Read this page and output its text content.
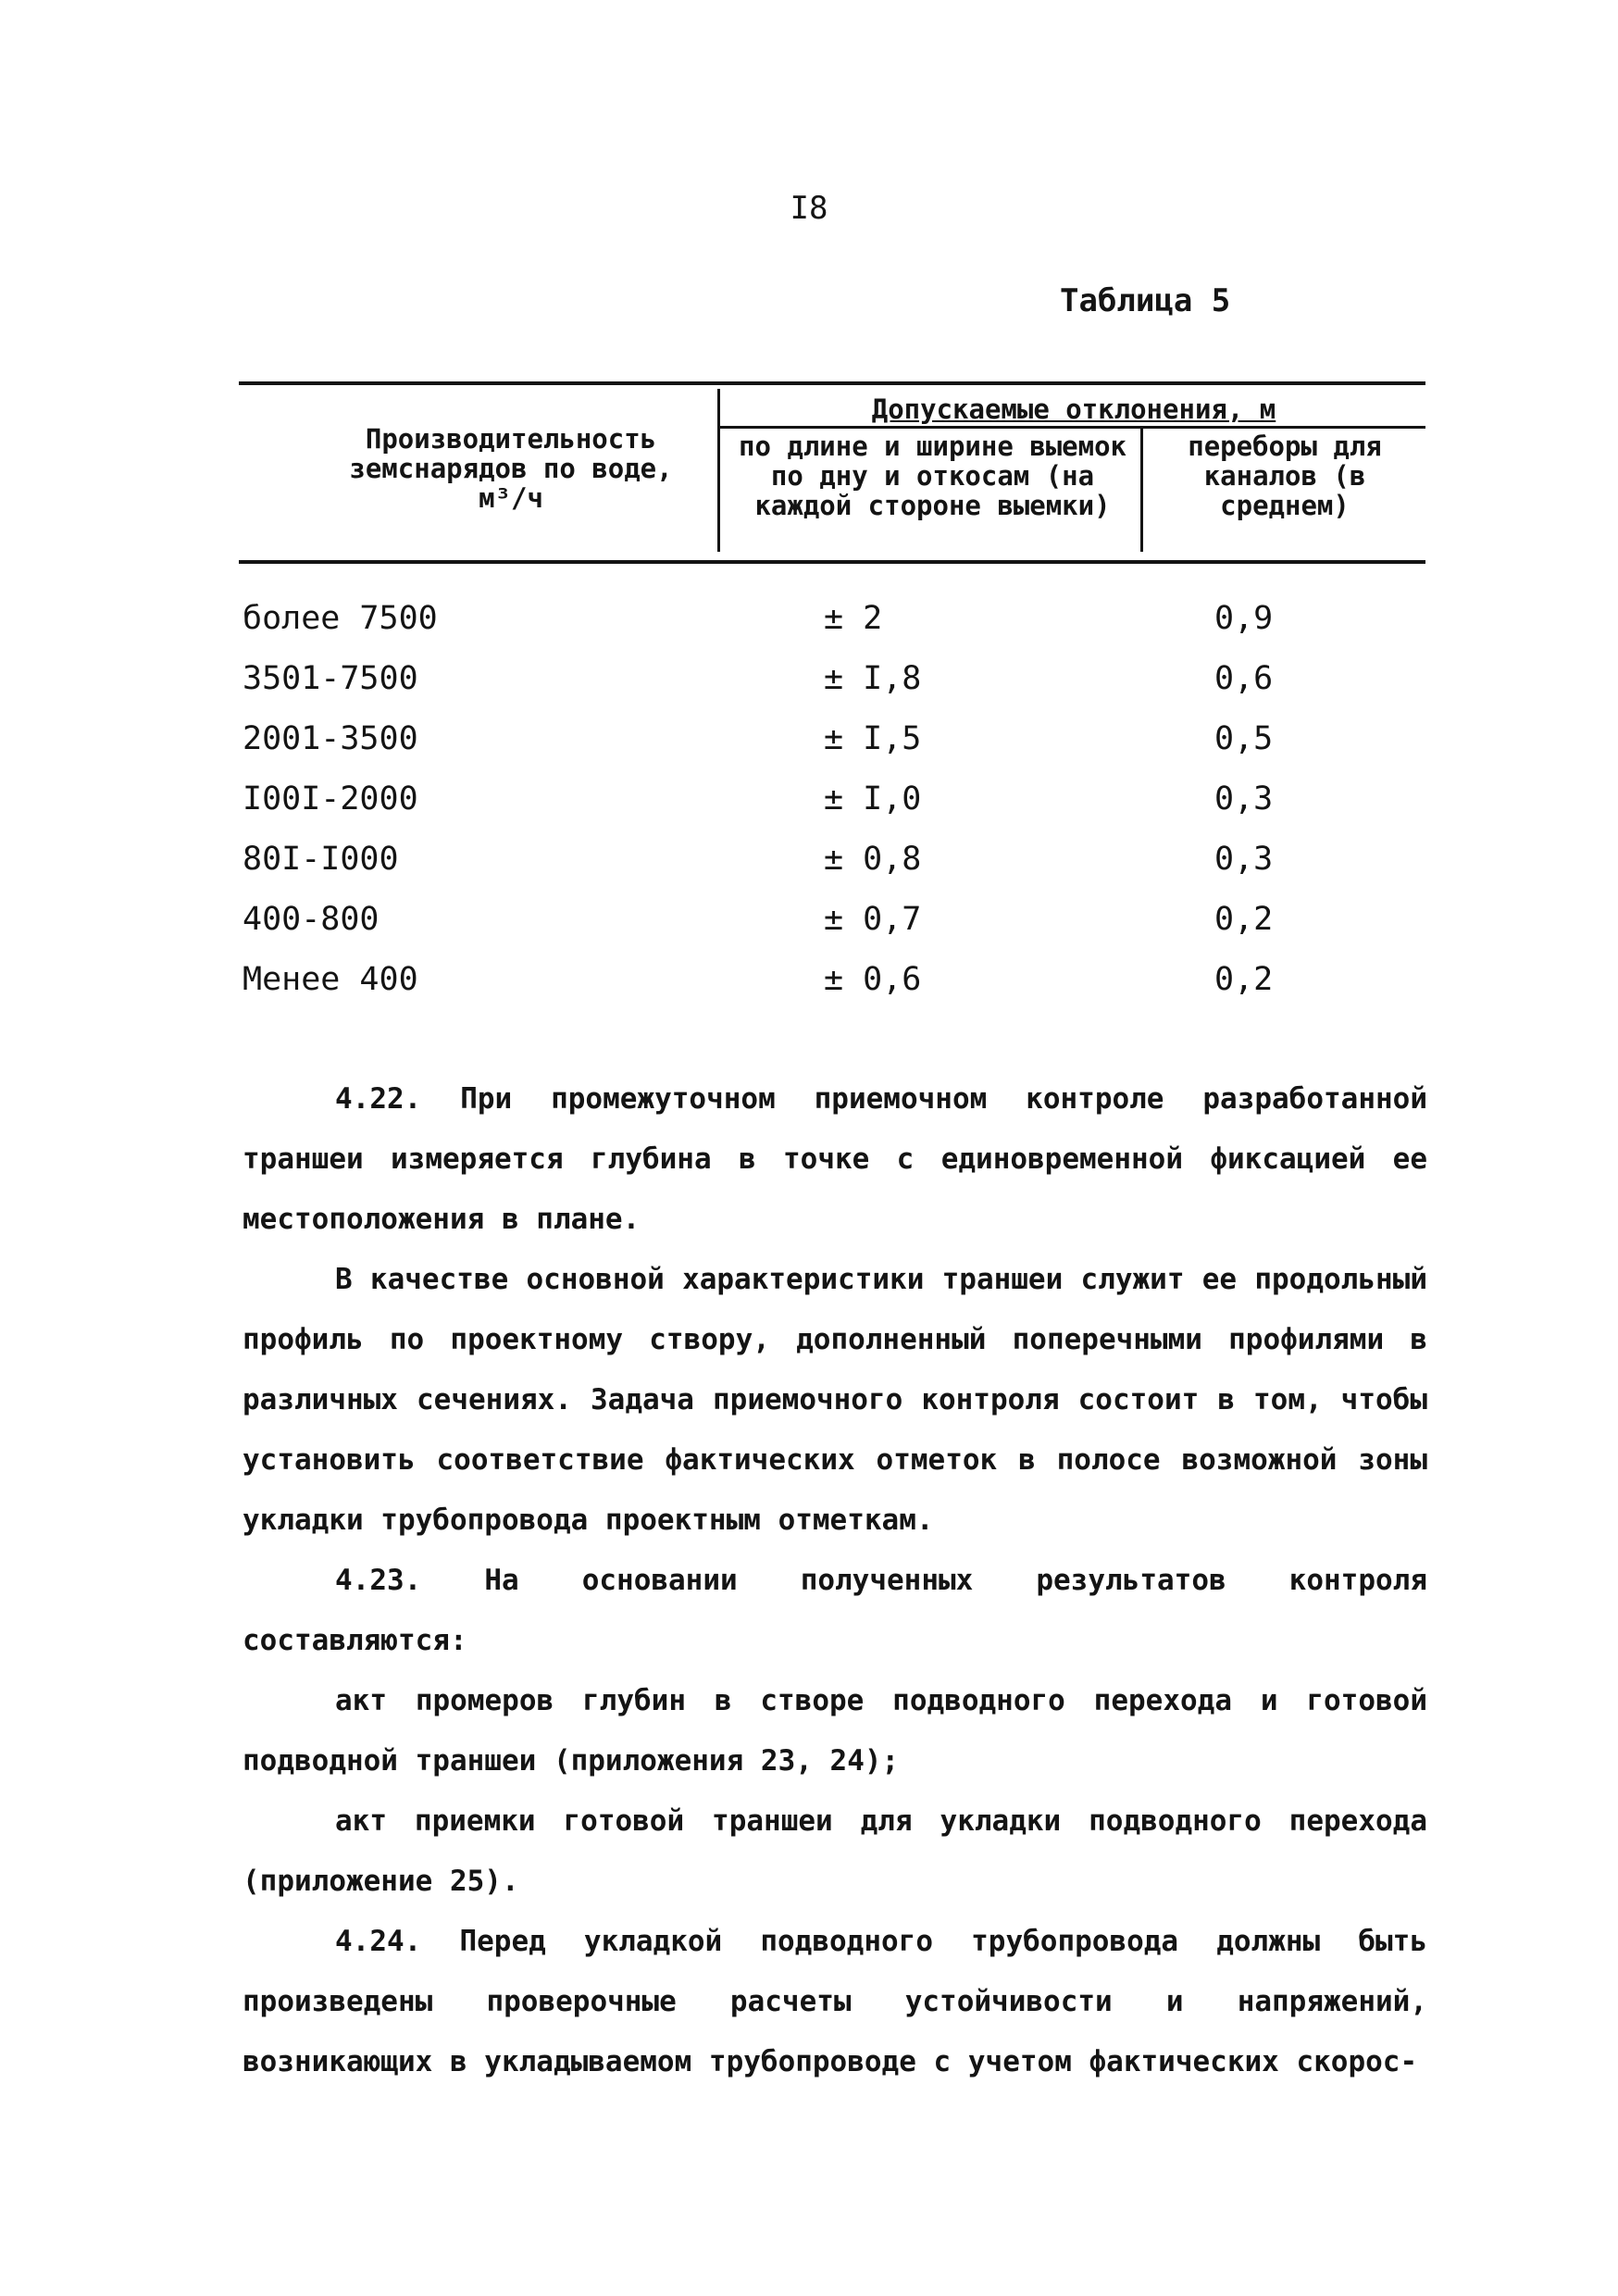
I8
Таблица 5
Производительность земснарядов по воде, м³/ч
Допускаемые отклонения, м
по длине и ширине выемок по дну и откосам (на каждой стороне выемки)
переборы для каналов (в среднем)
более 7500	± 2	0,9
3501-7500	± I,8	0,6
2001-3500	± I,5	0,5
I00I-2000	± I,0	0,3
80I-I000	± 0,8	0,3
400-800	± 0,7	0,2
Менее 400	± 0,6	0,2
4.22. При промежуточном приемочном контроле разработанной траншеи измеряется глубина в точке с единовременной фиксацией ее местоположения в плане.
В качестве основной характеристики траншеи служит ее продольный профиль по проектному створу, дополненный поперечными профилями в различных сечениях. Задача приемочного контроля состоит в том, чтобы установить соответствие фактических отметок в полосе возможной зоны укладки трубопровода проектным отметкам.
4.23. На основании полученных результатов контроля составляются:
акт промеров глубин в створе подводного перехода и готовой подводной траншеи (приложения 23, 24);
акт приемки готовой траншеи для укладки подводного перехода (приложение 25).
4.24. Перед укладкой подводного трубопровода должны быть произведены проверочные расчеты устойчивости и напряжений, возникающих в укладываемом трубопроводе с учетом фактических скорос-
